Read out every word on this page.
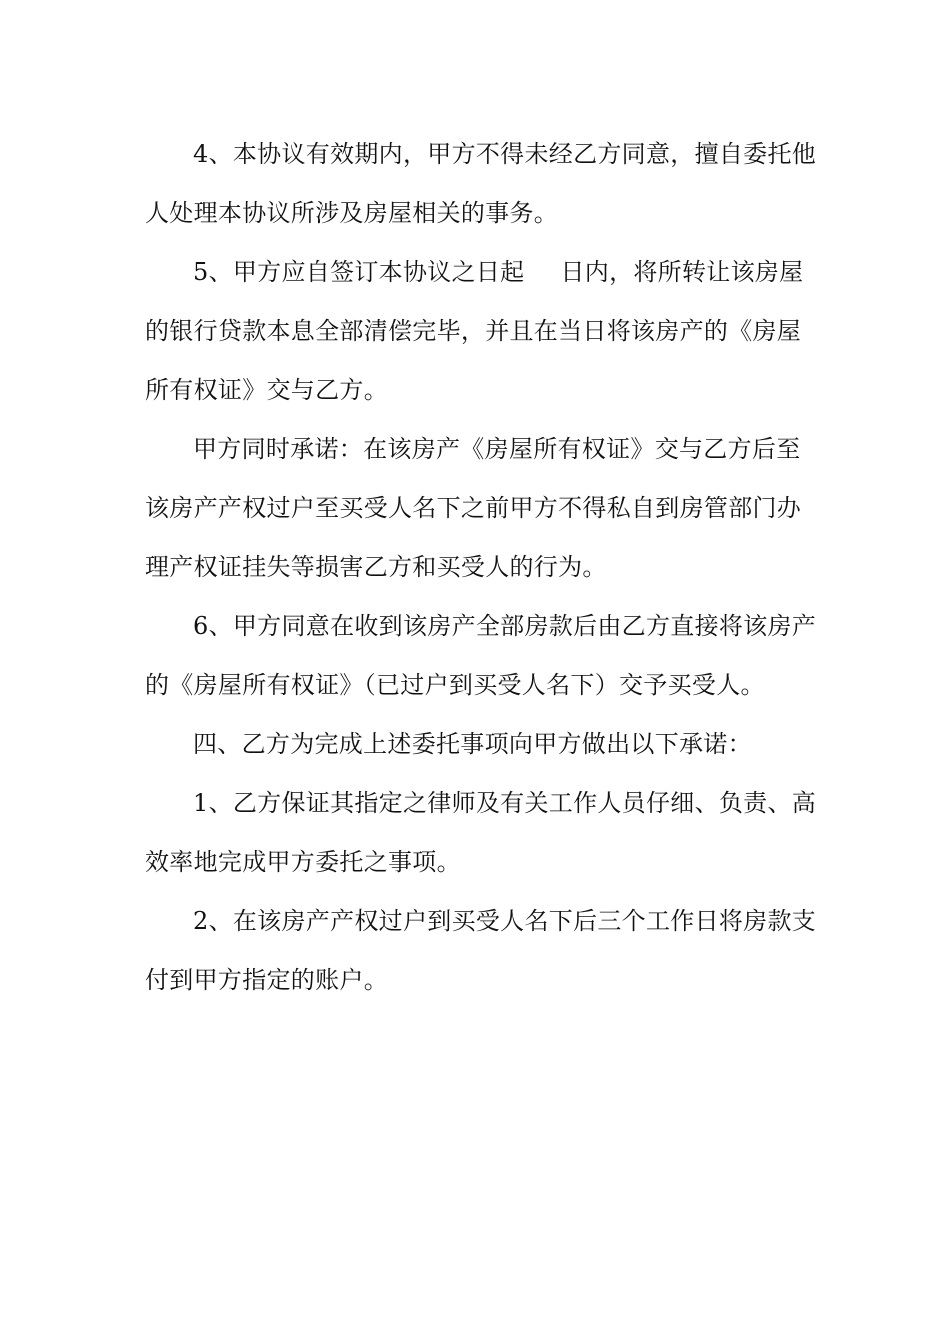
4、本协议有效期内，甲方不得未经乙方同意，擅自委托他
人处理本协议所涉及房屋相关的事务。

5、甲方应自签订本协议之日起 日内，将所转让该房屋
的银行贷款本息全部清偿完毕，并且在当日将该房产的《房屋
所有权证》交与乙方。

甲方同时承诺：在该房产《房屋所有权证》交与乙方后至
该房产产权过户至买受人名下之前甲方不得私自到房管部门办
理产权证挂失等损害乙方和买受人的行为。

6、甲方同意在收到该房产全部房款后由乙方直接将该房产
的《房屋所有权证》（已过户到买受人名下）交予买受人。

四、乙方为完成上述委托事项向甲方做出以下承诺：

1、乙方保证其指定之律师及有关工作人员仔细、负责、高
效率地完成甲方委托之事项。

2、在该房产产权过户到买受人名下后三个工作日将房款支
付到甲方指定的账户。
